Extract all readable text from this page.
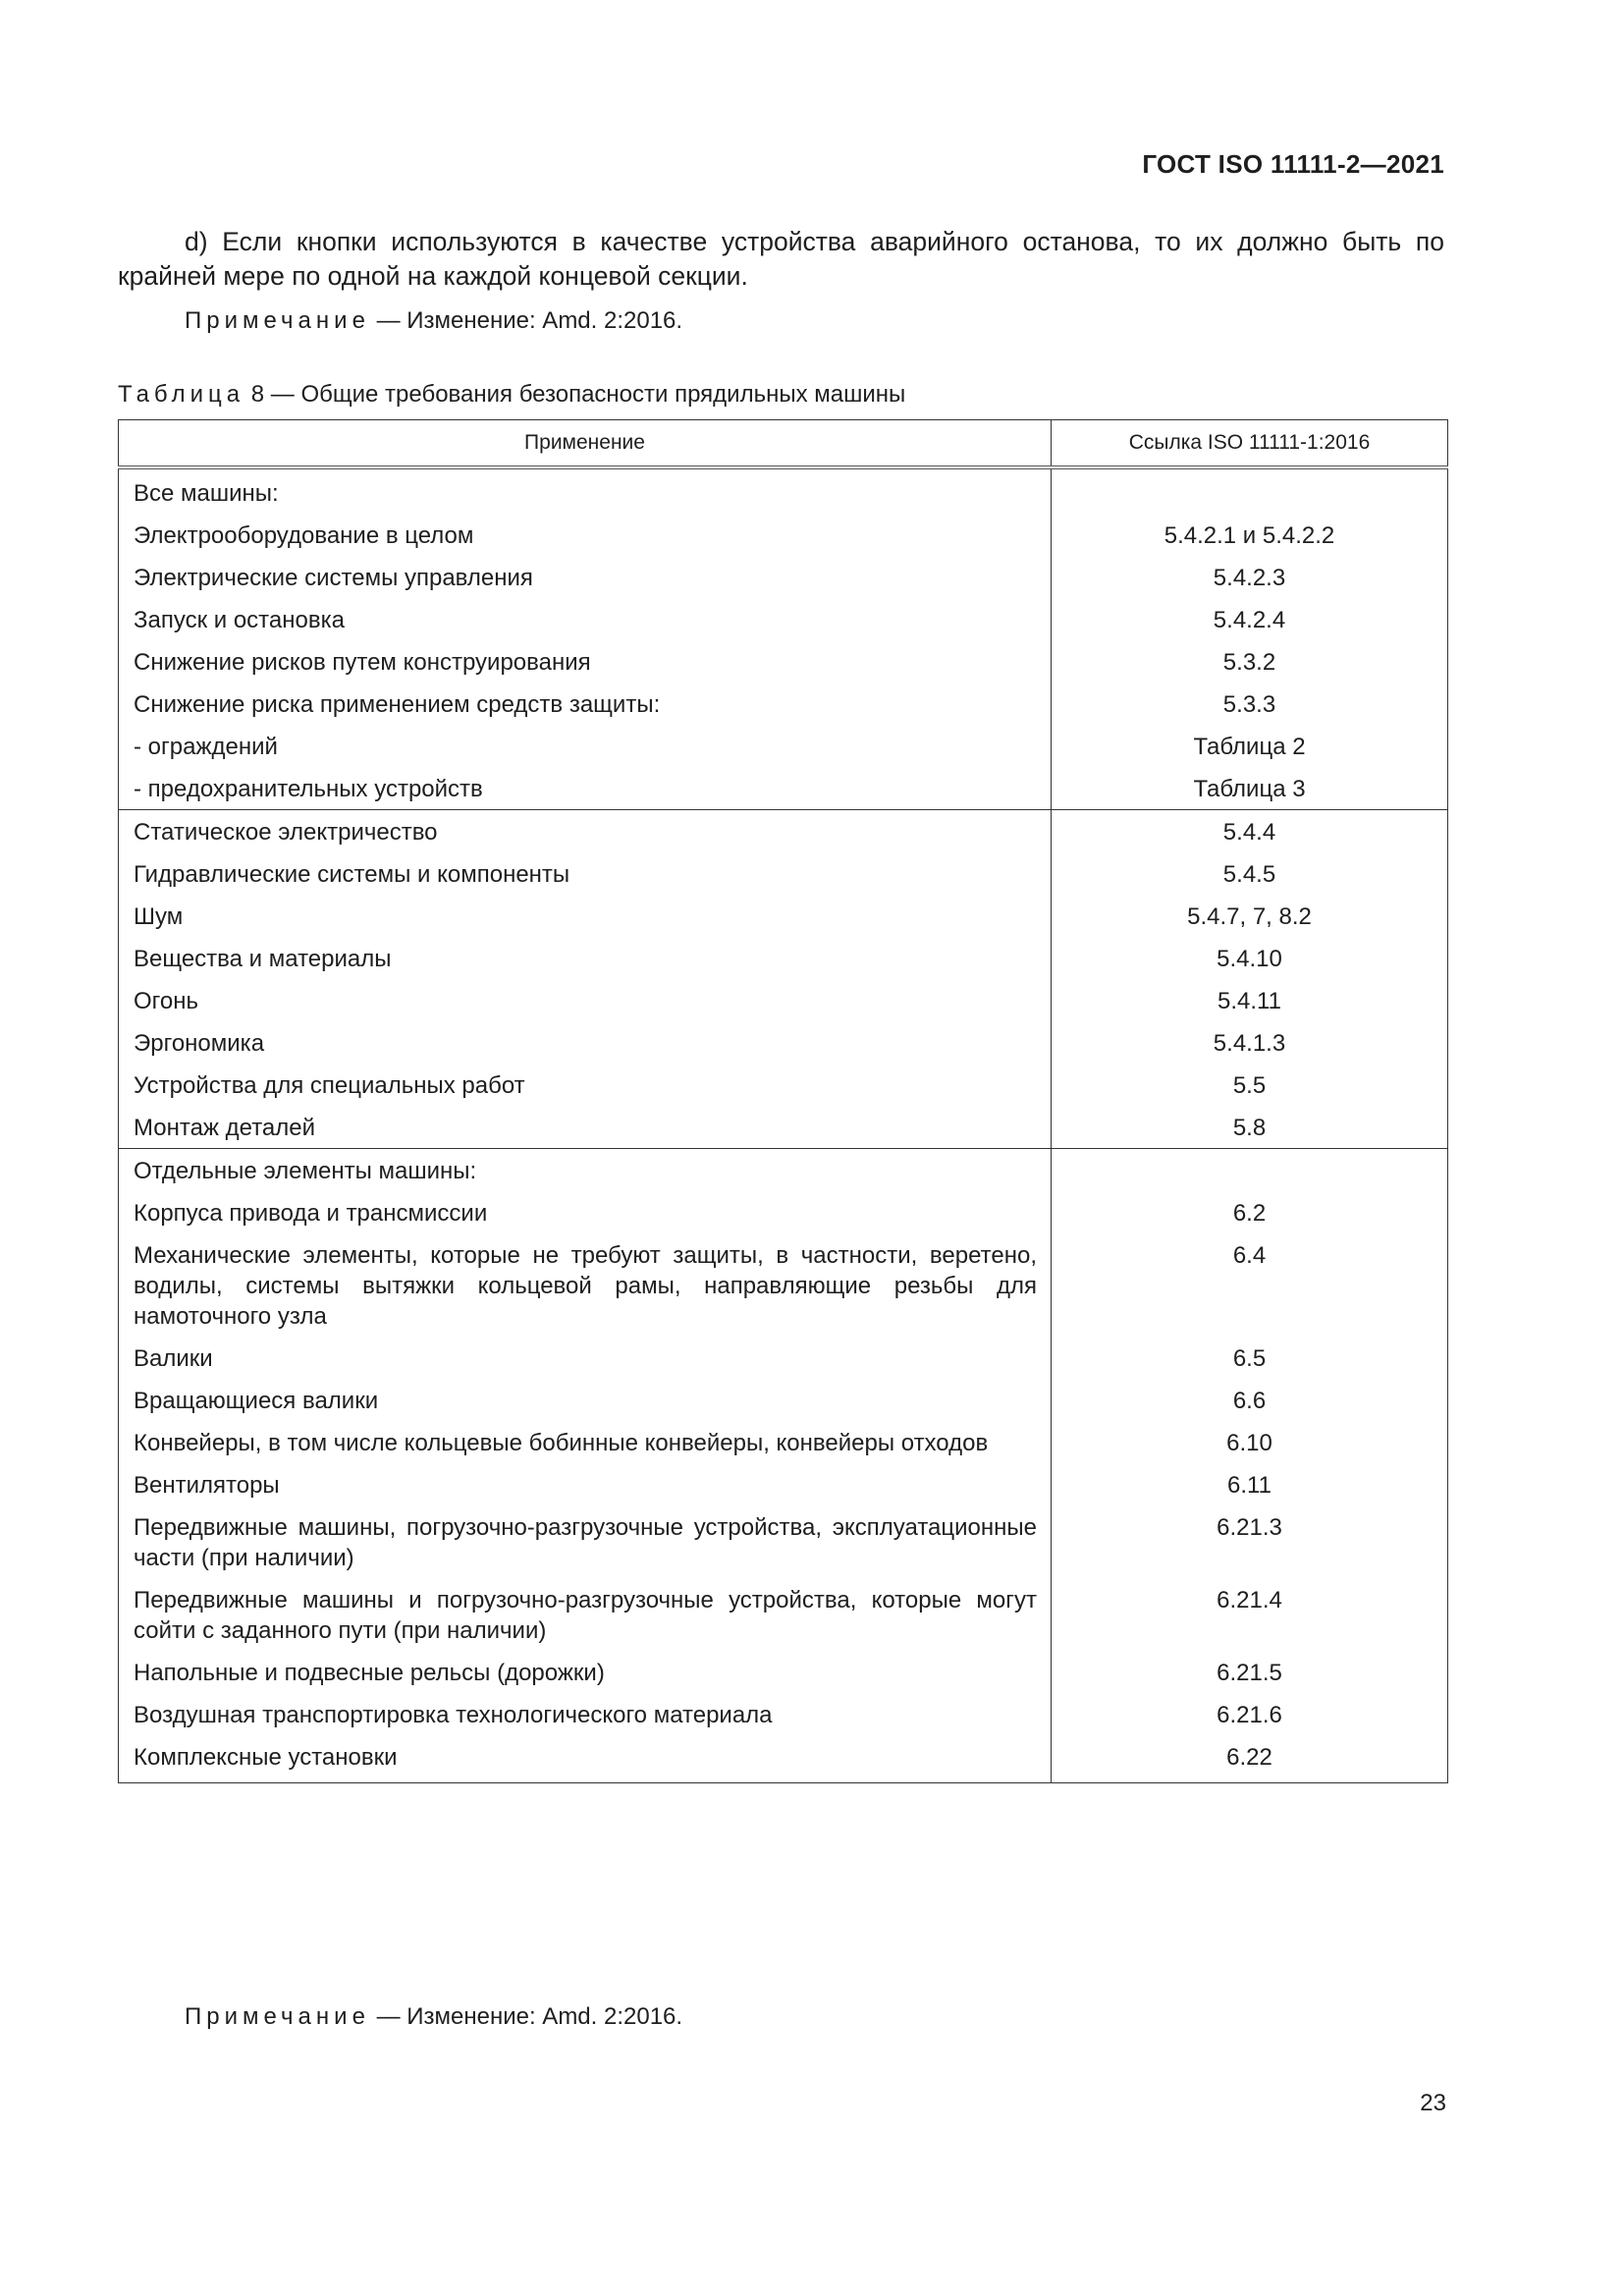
ГОСТ ISO 11111-2—2021
d) Если кнопки используются в качестве устройства аварийного останова, то их должно быть по крайней мере по одной на каждой концевой секции.
Примечание — Изменение: Amd. 2:2016.
Таблица 8 — Общие требования безопасности прядильных машины
Применение	Ссылка ISO 11111-1:2016
Все машины:	
Электрооборудование в целом	5.4.2.1 и 5.4.2.2
Электрические системы управления	5.4.2.3
Запуск и остановка	5.4.2.4
Снижение рисков путем конструирования	5.3.2
Снижение риска применением средств защиты:	5.3.3
- ограждений	Таблица 2
- предохранительных устройств	Таблица 3
Статическое электричество	5.4.4
Гидравлические системы и компоненты	5.4.5
Шум	5.4.7, 7, 8.2
Вещества и материалы	5.4.10
Огонь	5.4.11
Эргономика	5.4.1.3
Устройства для специальных работ	5.5
Монтаж деталей	5.8
Отдельные элементы машины:	
Корпуса привода и трансмиссии	6.2
Механические элементы, которые не требуют защиты, в частности, веретено, водилы, системы вытяжки кольцевой рамы, направляющие резьбы для намоточного узла	6.4
Валики	6.5
Вращающиеся валики	6.6
Конвейеры, в том числе кольцевые бобинные конвейеры, конвейеры отходов	6.10
Вентиляторы	6.11
Передвижные машины, погрузочно-разгрузочные устройства, эксплуатационные части (при наличии)	6.21.3
Передвижные машины и погрузочно-разгрузочные устройства, которые могут сойти с заданного пути (при наличии)	6.21.4
Напольные и подвесные рельсы (дорожки)	6.21.5
Воздушная транспортировка технологического материала	6.21.6
Комплексные установки	6.22
Примечание — Изменение: Amd. 2:2016.
23
